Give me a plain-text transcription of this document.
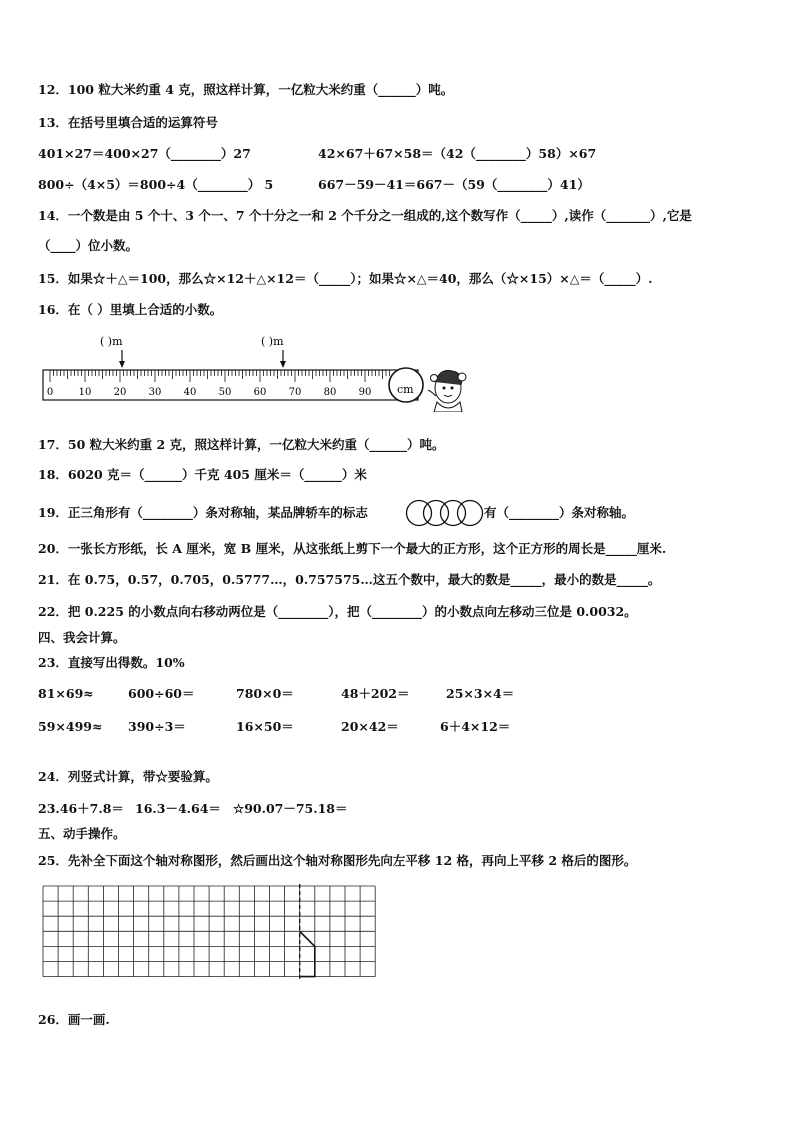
12．100 粒大米约重 4 克，照这样计算，一亿粒大米约重（______）吨。
13．在括号里填合适的运算符号
401×27＝400×27（________）27	42×67＋67×58＝（42（________）58）×67
800÷（4×5）＝800÷4（________） 5	667－59－41＝667－（59（________）41）
14．一个数是由 5 个十、3 个一、7 个十分之一和 2 个千分之一组成的,这个数写作（_____）,读作（_______）,它是
（____）位小数。
15．如果☆＋△＝100，那么☆×12＋△×12＝（_____）；如果☆×△＝40，那么（☆×15）×△＝（_____）.
16．在（ ）里填上合适的小数。
( )m	( )m
0	10 20 30 40 50 60 70 80 90 cm
17．50 粒大米约重 2 克，照这样计算，一亿粒大米约重（______）吨。
18．6020 克＝（______）千克 405 厘米＝（______）米
19．正三角形有（________）条对称轴，某品牌轿车的标志	有（________）条对称轴。
20．一张长方形纸，长 A 厘米，宽 B 厘米，从这张纸上剪下一个最大的正方形，这个正方形的周长是_____厘米.
21．在 0.75，0.57，0.705，0.5777…，0.757575…这五个数中，最大的数是_____，最小的数是_____。
22．把 0.225 的小数点向右移动两位是（________），把（________）的小数点向左移动三位是 0.0032。
四、我会计算。
23．直接写出得数。10%
81×69≈	600÷60＝	780×0＝	48＋202＝	25×3×4＝
59×499≈ 390÷3＝	16×50＝	20×42＝	6＋4×12＝
24．列竖式计算，带☆要验算。
23.46＋7.8＝ 16.3－4.64＝ ☆90.07－75.18＝
五、动手操作。
25．先补全下面这个轴对称图形，然后画出这个轴对称图形先向左平移 12 格，再向上平移 2 格后的图形。
26．画一画.
